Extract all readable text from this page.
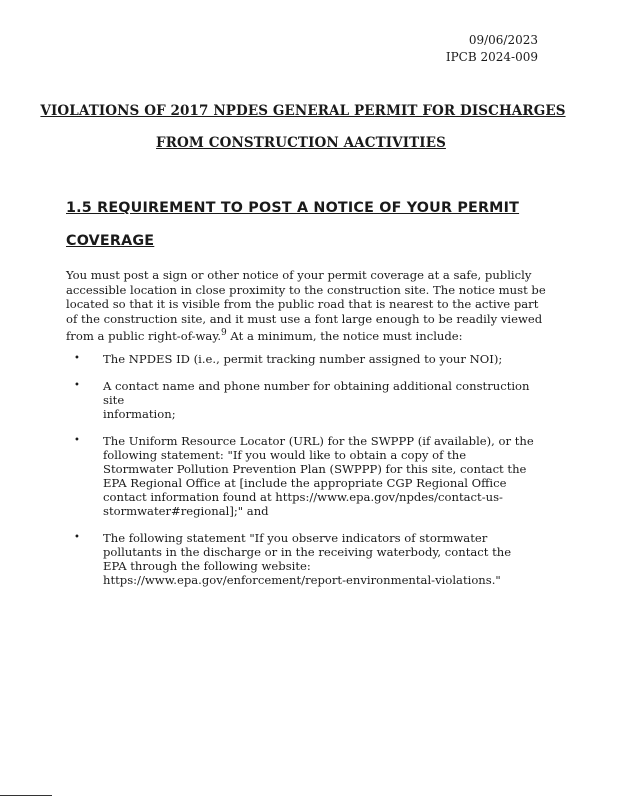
09/06/2023
IPCB 2024-009
VIOLATIONS OF 2017 NPDES GENERAL PERMIT FOR DISCHARGES
FROM CONSTRUCTION AACTIVITIES
1.5 REQUIREMENT TO POST A NOTICE OF YOUR PERMIT
COVERAGE

You must post a sign or other notice of your permit coverage at a safe, publicly accessible location in close proximity to the construction site. The notice must be located so that it is visible from the public road that is nearest to the active part of the construction site, and it must use a font large enough to be readily viewed from a public right-of-way.$^9$ At a minimum, the notice must include:

• The NPDES ID (i.e., permit tracking number assigned to your NOI);
• A contact name and phone number for obtaining additional construction site
information;
• The Uniform Resource Locator (URL) for the SWPPP (if available), or the following statement: "If you would like to obtain a copy of the Stormwater Pollution Prevention Plan (SWPPP) for this site, contact the EPA Regional Office at [include the appropriate CGP Regional Office contact information found at https://www.epa.gov/npdes/contact-us-stormwater#regional];" and
• The following statement "If you observe indicators of stormwater pollutants in the discharge or in the receiving waterbody, contact the EPA through the following website: https://www.epa.gov/enforcement/report-environmental-violations."
